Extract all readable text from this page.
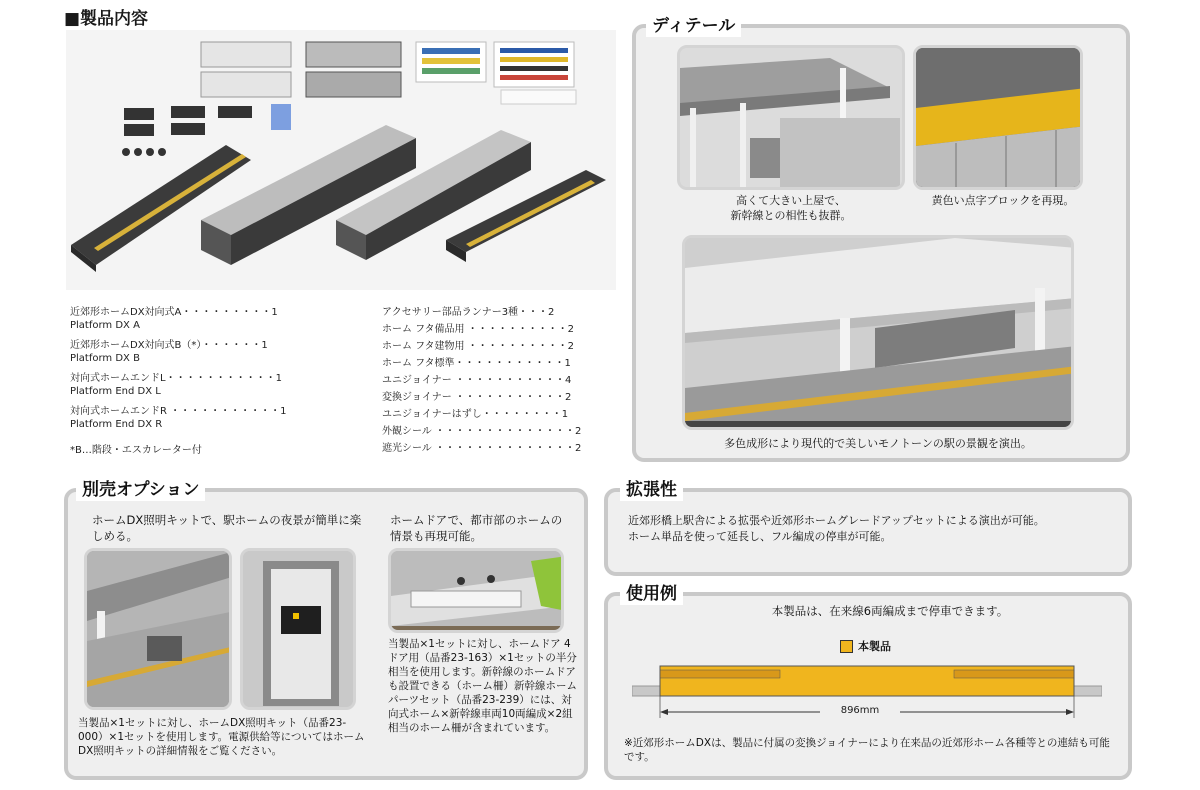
■製品内容
近郊形ホームDX対向式A・・・・・・・・・1
Platform DX A
近郊形ホームDX対向式B（*）・・・・・・1
Platform DX B
対向式ホームエンドL・・・・・・・・・・・1
Platform End DX L
対向式ホームエンドR ・・・・・・・・・・・1
Platform End DX R
*B…階段・エスカレーター付
アクセサリー部品ランナー3種・・・2
ホーム フタ備品用 ・・・・・・・・・・2
ホーム フタ建物用 ・・・・・・・・・・2
ホーム フタ標準・・・・・・・・・・・1
ユニジョイナー ・・・・・・・・・・・4
変換ジョイナー ・・・・・・・・・・・2
ユニジョイナーはずし・・・・・・・・1
外観シール ・・・・・・・・・・・・・・2
遮光シール ・・・・・・・・・・・・・・2
ディテール
高くて大きい上屋で、
新幹線との相性も抜群。
黄色い点字ブロックを再現。
多色成形により現代的で美しいモノトーンの駅の景観を演出。
別売オプション
ホームDX照明キットで、駅ホームの夜景が簡単に楽しめる。
当製品×1セットに対し、ホームDX照明キット（品番23-000）×1セットを使用します。電源供給等についてはホームDX照明キットの詳細情報をご覧ください。
ホームドアで、都市部のホームの情景も再現可能。
当製品×1セットに対し、ホームドア 4ドア用（品番23-163）×1セットの半分相当を使用します。新幹線のホームドアも設置できる（ホーム柵）新幹線ホームパーツセット（品番23-239）には、対向式ホーム×新幹線車両10両編成×2組相当のホーム柵が含まれています。
拡張性
近郊形橋上駅舎による拡張や近郊形ホームグレードアップセットによる演出が可能。
ホーム単品を使って延長し、フル編成の停車が可能。
使用例
本製品は、在来線6両編成まで停車できます。
本製品
896mm
※近郊形ホームDXは、製品に付属の変換ジョイナーにより在来品の近郊形ホーム各種等との連結も可能です。
